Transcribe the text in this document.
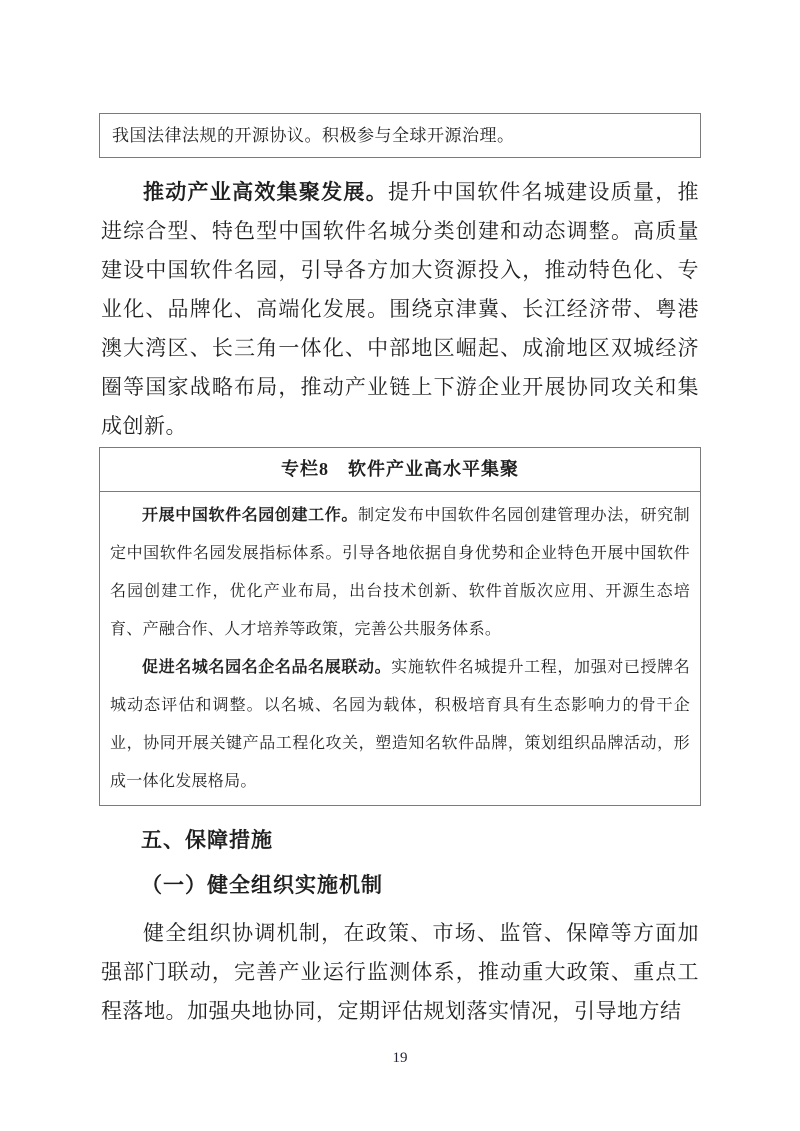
我国法律法规的开源协议。积极参与全球开源治理。

推动产业高效集聚发展。提升中国软件名城建设质量，推进综合型、特色型中国软件名城分类创建和动态调整。高质量建设中国软件名园，引导各方加大资源投入，推动特色化、专业化、品牌化、高端化发展。围绕京津冀、长江经济带、粤港澳大湾区、长三角一体化、中部地区崛起、成渝地区双城经济圈等国家战略布局，推动产业链上下游企业开展协同攻关和集成创新。

专栏8　软件产业高水平集聚

开展中国软件名园创建工作。制定发布中国软件名园创建管理办法，研究制定中国软件名园发展指标体系。引导各地依据自身优势和企业特色开展中国软件名园创建工作，优化产业布局，出台技术创新、软件首版次应用、开源生态培育、产融合作、人才培养等政策，完善公共服务体系。

促进名城名园名企名品名展联动。实施软件名城提升工程，加强对已授牌名城动态评估和调整。以名城、名园为载体，积极培育具有生态影响力的骨干企业，协同开展关键产品工程化攻关，塑造知名软件品牌，策划组织品牌活动，形成一体化发展格局。

五、保障措施
（一）健全组织实施机制

健全组织协调机制，在政策、市场、监管、保障等方面加强部门联动，完善产业运行监测体系，推动重大政策、重点工程落地。加强央地协同，定期评估规划落实情况，引导地方结

19
